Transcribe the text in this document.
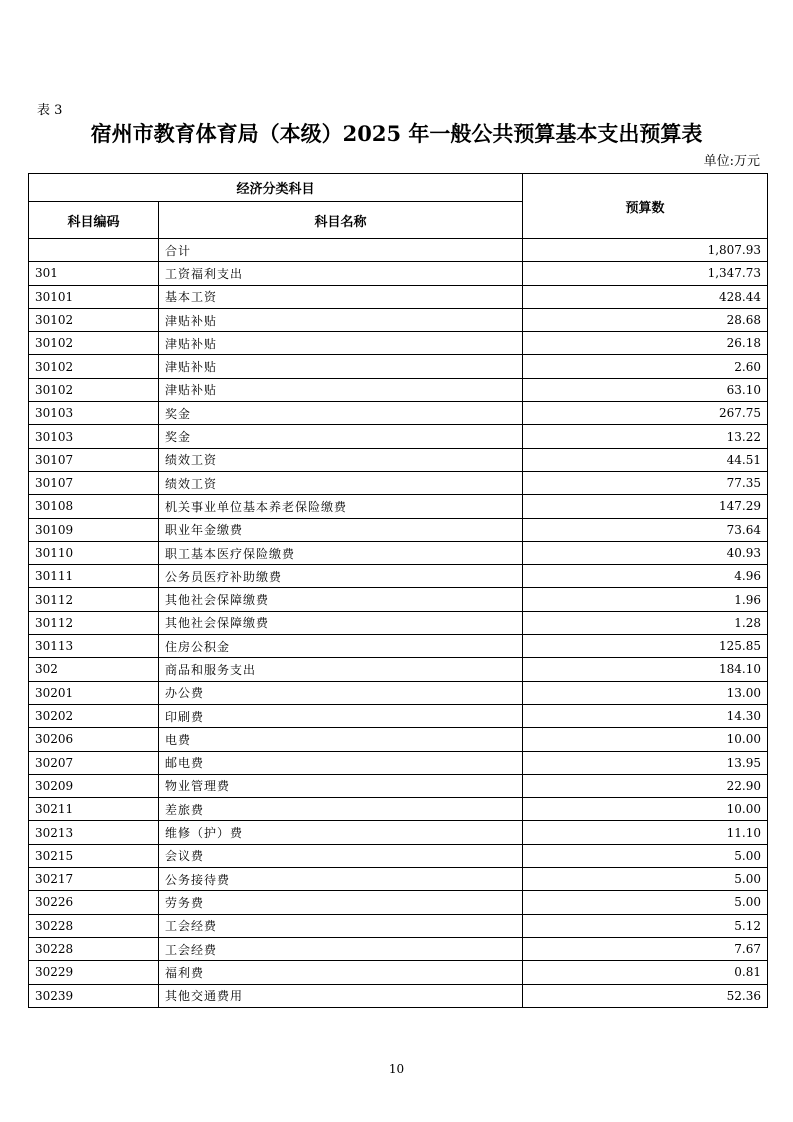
表 3
宿州市教育体育局（本级）2025 年一般公共预算基本支出预算表
单位:万元
经济分类科目		预算数
科目编码	科目名称	
	合计	1,807.93
301	工资福利支出	1,347.73
30101	基本工资	428.44
30102	津贴补贴	28.68
30102	津贴补贴	26.18
30102	津贴补贴	2.60
30102	津贴补贴	63.10
30103	奖金	267.75
30103	奖金	13.22
30107	绩效工资	44.51
30107	绩效工资	77.35
30108	机关事业单位基本养老保险缴费	147.29
30109	职业年金缴费	73.64
30110	职工基本医疗保险缴费	40.93
30111	公务员医疗补助缴费	4.96
30112	其他社会保障缴费	1.96
30112	其他社会保障缴费	1.28
30113	住房公积金	125.85
302	商品和服务支出	184.10
30201	办公费	13.00
30202	印刷费	14.30
30206	电费	10.00
30207	邮电费	13.95
30209	物业管理费	22.90
30211	差旅费	10.00
30213	维修（护）费	11.10
30215	会议费	5.00
30217	公务接待费	5.00
30226	劳务费	5.00
30228	工会经费	5.12
30228	工会经费	7.67
30229	福利费	0.81
30239	其他交通费用	52.36
10
